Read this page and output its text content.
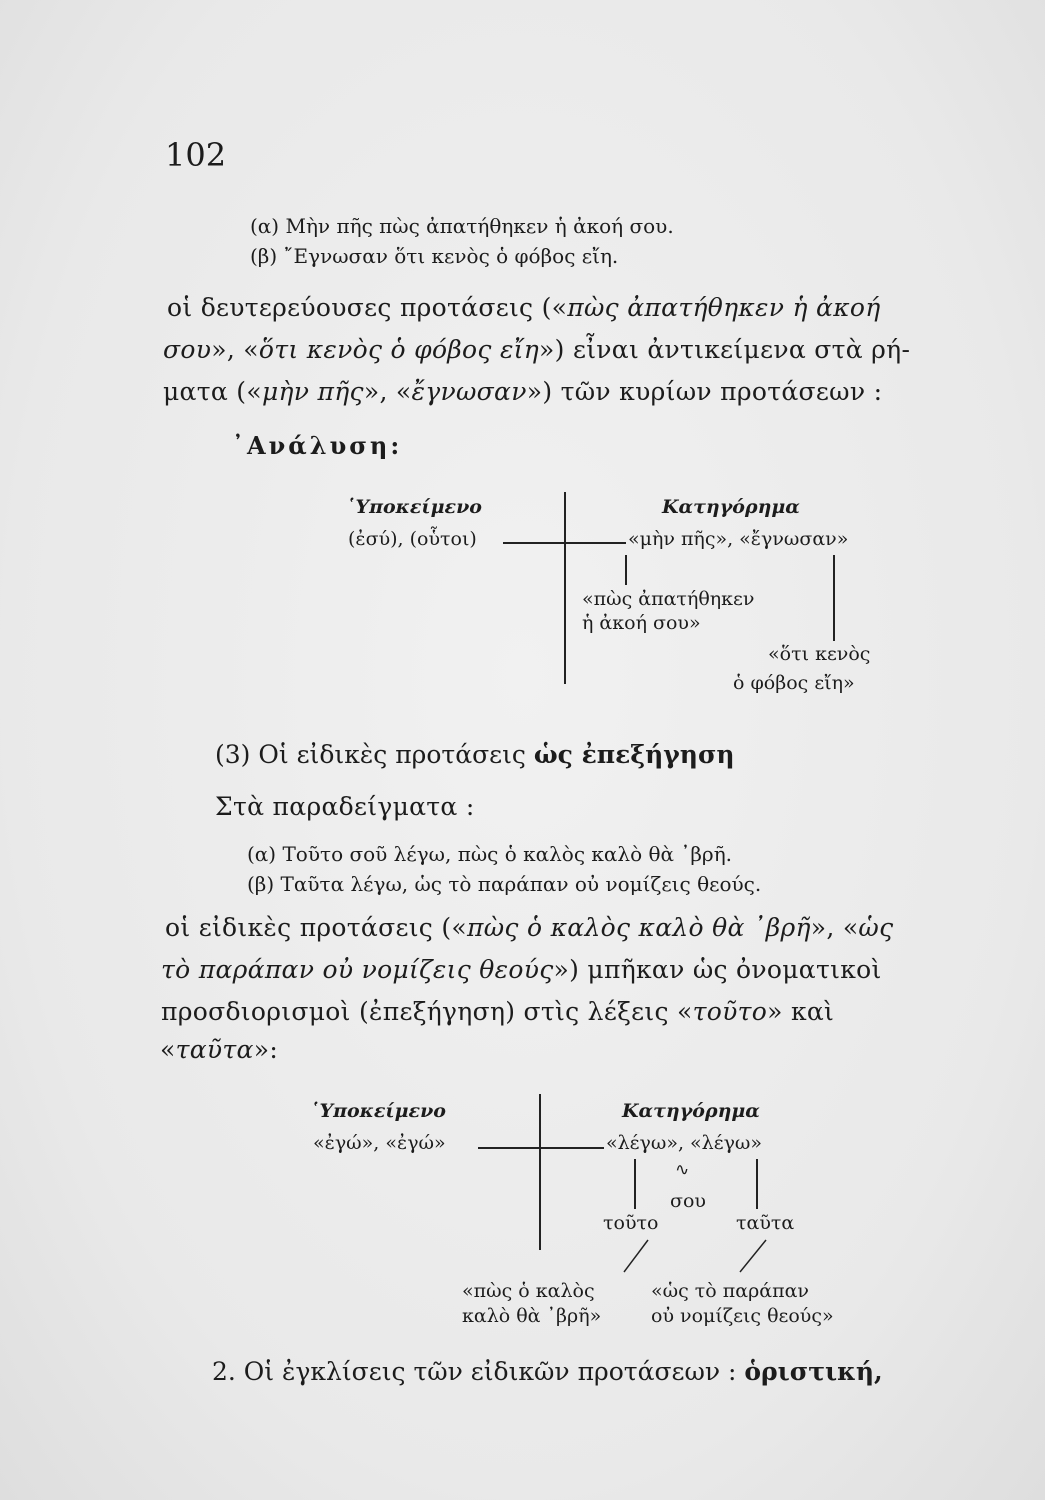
102
(α) Μὴν πῆς πὼς ἀπατήθηκεν ἡ ἀκοή σου.
(β) ῎Εγνωσαν ὅτι κενὸς ὁ φόβος εἴη.
οἱ δευτερεύουσες προτάσεις («πὼς ἀπατήθηκεν ἡ ἀκοή
σου», «ὅτι κενὸς ὁ φόβος εἴη») εἶναι ἀντικείμενα στὰ ρή-
ματα («μὴν πῆς», «ἔγνωσαν») τῶν κυρίων προτάσεων :
᾿Ανάλυση:
῾Υποκείμενο	Κατηγόρημα
(ἐσύ), (οὗτοι)	«μὴν πῆς», «ἔγνωσαν»
«πὼς ἀπατήθηκεν
ἡ ἀκοή σου»
«ὅτι κενὸς
ὁ φόβος εἴη»
(3) Οἱ εἰδικὲς προτάσεις ὡς ἐπεξήγηση
Στὰ παραδείγματα :
(α) Τοῦτο σοῦ λέγω, πὼς ὁ καλὸς καλὸ θὰ ᾿βρῆ.
(β) Ταῦτα λέγω, ὡς τὸ παράπαν οὐ νομίζεις θεούς.
οἱ εἰδικὲς προτάσεις («πὼς ὁ καλὸς καλὸ θὰ ᾿βρῆ», «ὡς
τὸ παράπαν οὐ νομίζεις θεούς») μπῆκαν ὡς ὀνοματικοὶ
προσδιορισμοὶ (ἐπεξήγηση) στὶς λέξεις «τοῦτο» καὶ
«ταῦτα»:
῾Υποκείμενο	Κατηγόρημα
«ἐγώ», «ἐγώ»	«λέγω», «λέγω»
∿
σου
τοῦτο	ταῦτα
«πὼς ὁ καλὸς
καλὸ θὰ ᾿βρῆ»
«ὡς τὸ παράπαν
οὐ νομίζεις θεούς»
2. Οἱ ἐγκλίσεις τῶν εἰδικῶν προτάσεων : ὁριστική,
